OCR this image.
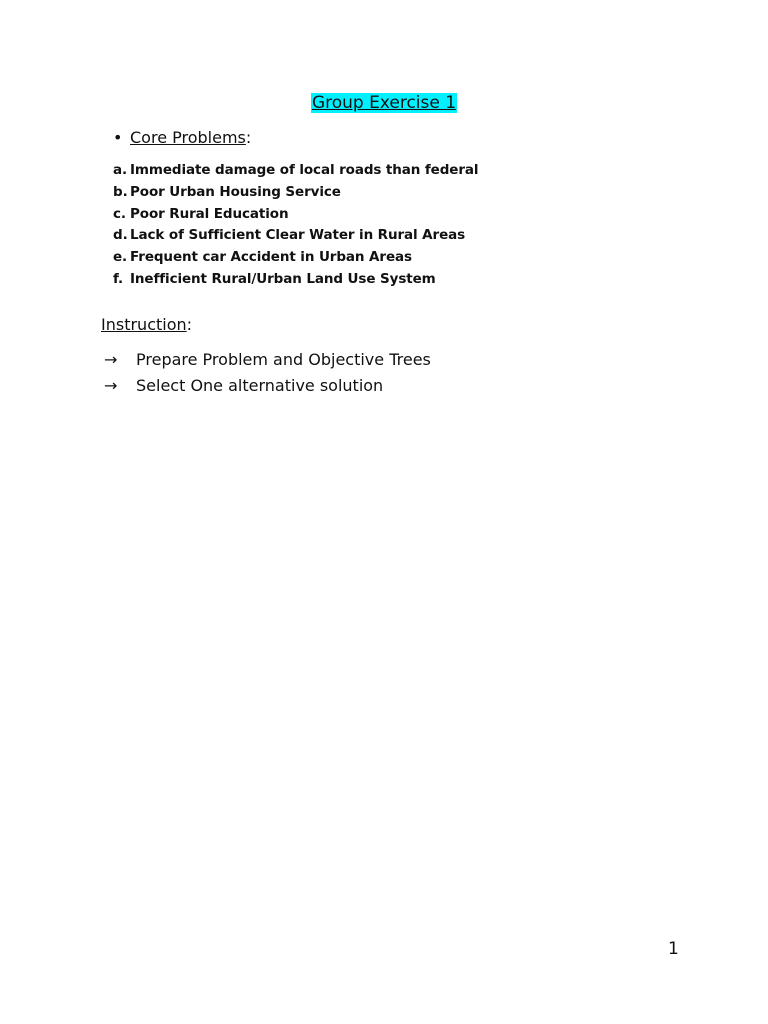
Group Exercise 1
• Core Problems:
a. Immediate damage of local roads than federal
b. Poor Urban Housing Service
c. Poor Rural Education
d. Lack of Sufficient Clear Water in Rural Areas
e. Frequent car Accident in Urban Areas
f. Inefficient Rural/Urban Land Use System
Instruction:
→ Prepare Problem and Objective Trees
→ Select One alternative solution
1
